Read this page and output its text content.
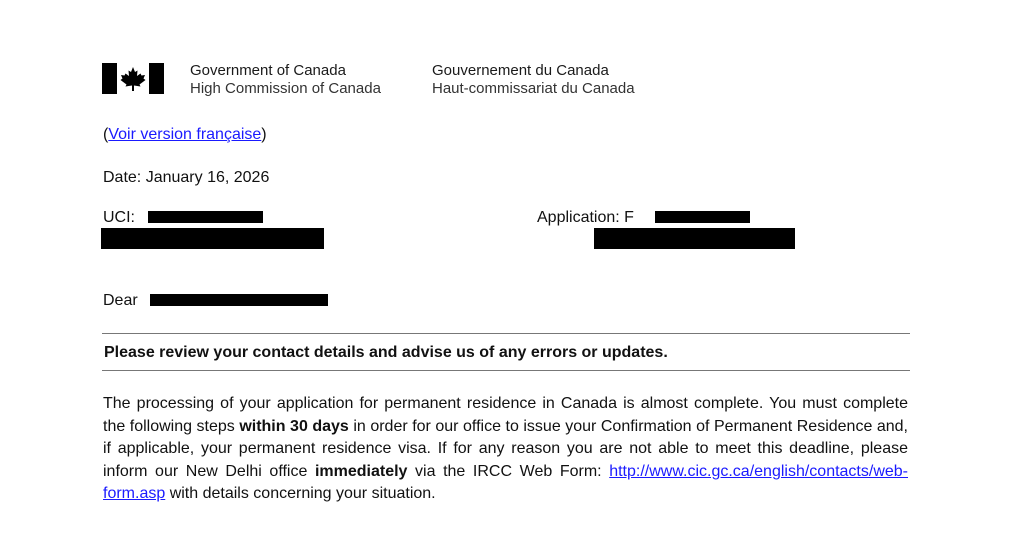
Government of Canada
High Commission of Canada
Gouvernement du Canada
Haut-commissariat du Canada
(Voir version française)
Date: January 16, 2026
UCI:	Application: F
Dear
Please review your contact details and advise us of any errors or updates.
The processing of your application for permanent residence in Canada is almost complete. You must complete the following steps within 30 days in order for our office to issue your Confirmation of Permanent Residence and, if applicable, your permanent residence visa. If for any reason you are not able to meet this deadline, please inform our New Delhi office immediately via the IRCC Web Form: http://www.cic.gc.ca/english/contacts/web-form.asp with details concerning your situation.
